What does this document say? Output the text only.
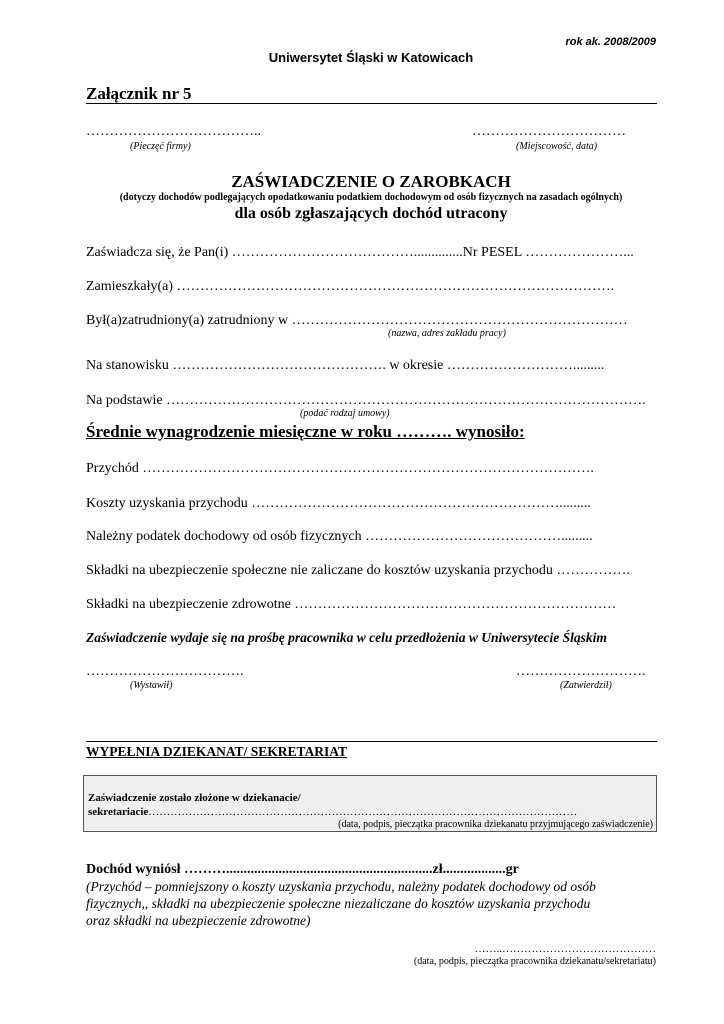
rok ak. 2008/2009
Uniwersytet Śląski w Katowicach
Załącznik nr 5
………………………………..
(Pieczęć firmy)
……………………………
(Miejscowość, data)
ZAŚWIADCZENIE O ZAROBKACH
(dotyczy dochodów podlegających opodatkowaniu podatkiem dochodowym od osób fizycznych na zasadach ogólnych)
dla osób zgłaszających dochód utracony
Zaświadcza się, że Pan(i) …………………………………..............Nr PESEL …………………...
Zamieszkały(a) ………………………………………………………………………………….
Był(a)zatrudniony(a) zatrudniony w ………………………………………………………………
(nazwa, adres zakładu pracy)
Na stanowisku ………………………………………. w okresie ……………………….........
Na podstawie ………………………………………………………………………………………….
(podać rodzaj umowy)
Średnie wynagrodzenie miesięczne w roku ………. wynosiło:
Przychód …………………………………………………………………………………….
Koszty uzyskania przychodu ………………………………………………………….........
Należny podatek dochodowy od osób fizycznych …………………………………….........
Składki na ubezpieczenie społeczne nie zaliczane do kosztów uzyskania przychodu …………….
Składki na ubezpieczenie zdrowotne ……………………………………………………………
Zaświadczenie wydaje się na prośbę pracownika w celu przedłożenia w Uniwersytecie Śląskim
…………………………….
(Wystawił)
……………………….
(Zatwierdził)
WYPEŁNIA DZIEKANAT/ SEKRETARIAT
Zaświadczenie zostało złożone w dziekanacie/
sekretariacie………………………………………………………………………………………………………
(data, podpis, pieczątka pracownika dziekanatu przyjmującego zaświadczenie)
Dochód wyniósł ………...........................................................zł..................gr
(Przychód – pomniejszony o koszty uzyskania przychodu, należny podatek dochodowy od osób
fizycznych,, składki na ubezpieczenie społeczne niezaliczane do kosztów uzyskania przychodu
oraz składki na ubezpieczenie zdrowotne)
……..……………………………………
(data, podpis, pieczątka pracownika dziekanatu/sekretariatu)
